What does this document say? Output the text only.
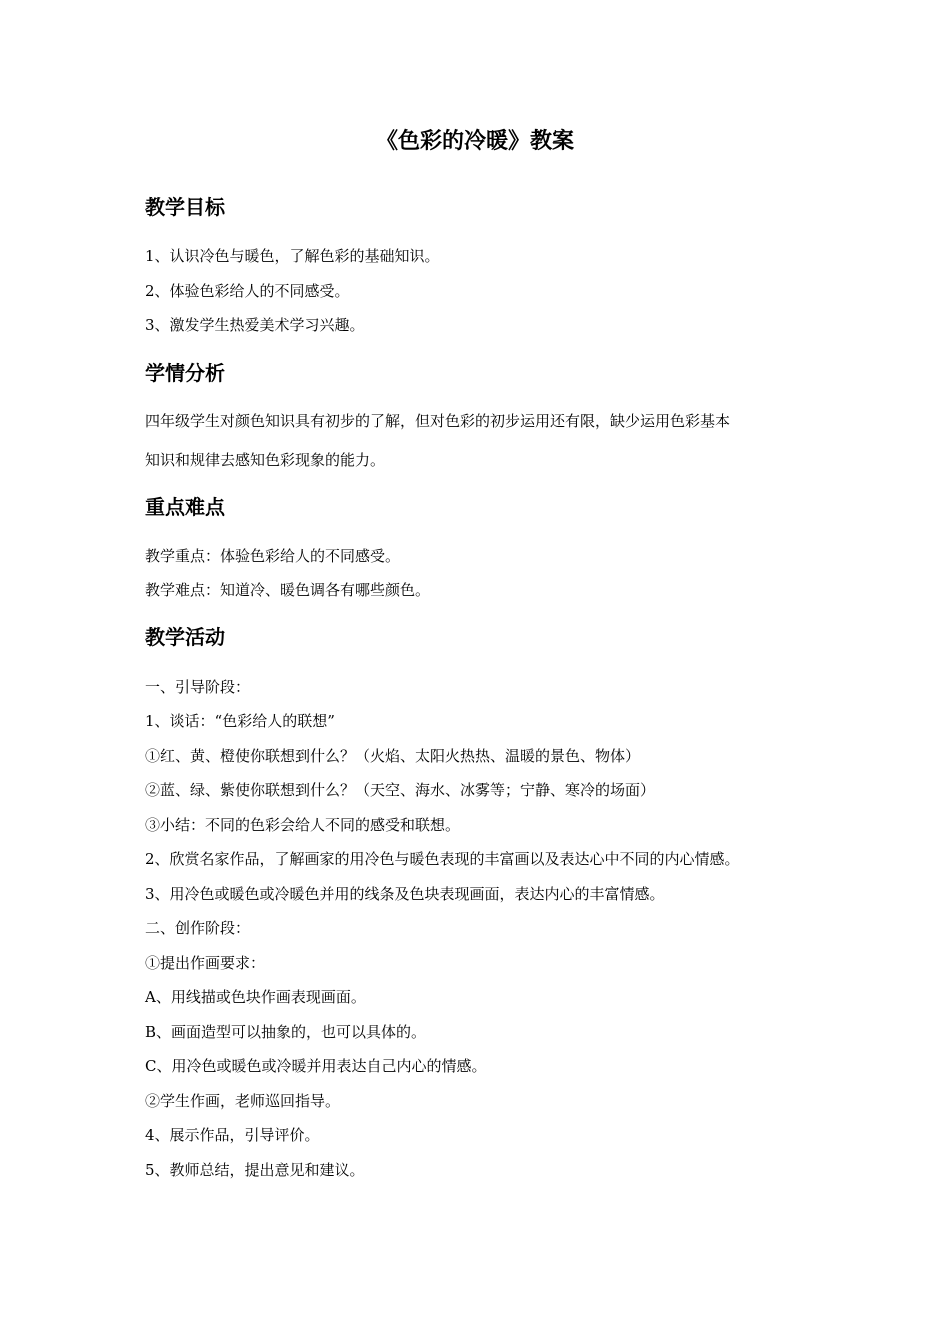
《色彩的冷暖》教案
教学目标

1、认识冷色与暖色，了解色彩的基础知识。

2、体验色彩给人的不同感受。

3、激发学生热爱美术学习兴趣。

学情分析

四年级学生对颜色知识具有初步的了解，但对色彩的初步运用还有限，缺少运用色彩基本

知识和规律去感知色彩现象的能力。

重点难点

教学重点：体验色彩给人的不同感受。

教学难点：知道冷、暖色调各有哪些颜色。

教学活动

一、引导阶段：

1、谈话：“色彩给人的联想”

①红、黄、橙使你联想到什么？（火焰、太阳火热热、温暖的景色、物体）

②蓝、绿、紫使你联想到什么？（天空、海水、冰雾等；宁静、寒冷的场面）

③小结：不同的色彩会给人不同的感受和联想。

2、欣赏名家作品，了解画家的用冷色与暖色表现的丰富画以及表达心中不同的内心情感。

3、用冷色或暖色或冷暖色并用的线条及色块表现画面，表达内心的丰富情感。

二、创作阶段：

①提出作画要求：

A、用线描或色块作画表现画面。

B、画面造型可以抽象的，也可以具体的。

C、用冷色或暖色或冷暖并用表达自己内心的情感。

②学生作画，老师巡回指导。

4、展示作品，引导评价。

5、教师总结，提出意见和建议。
